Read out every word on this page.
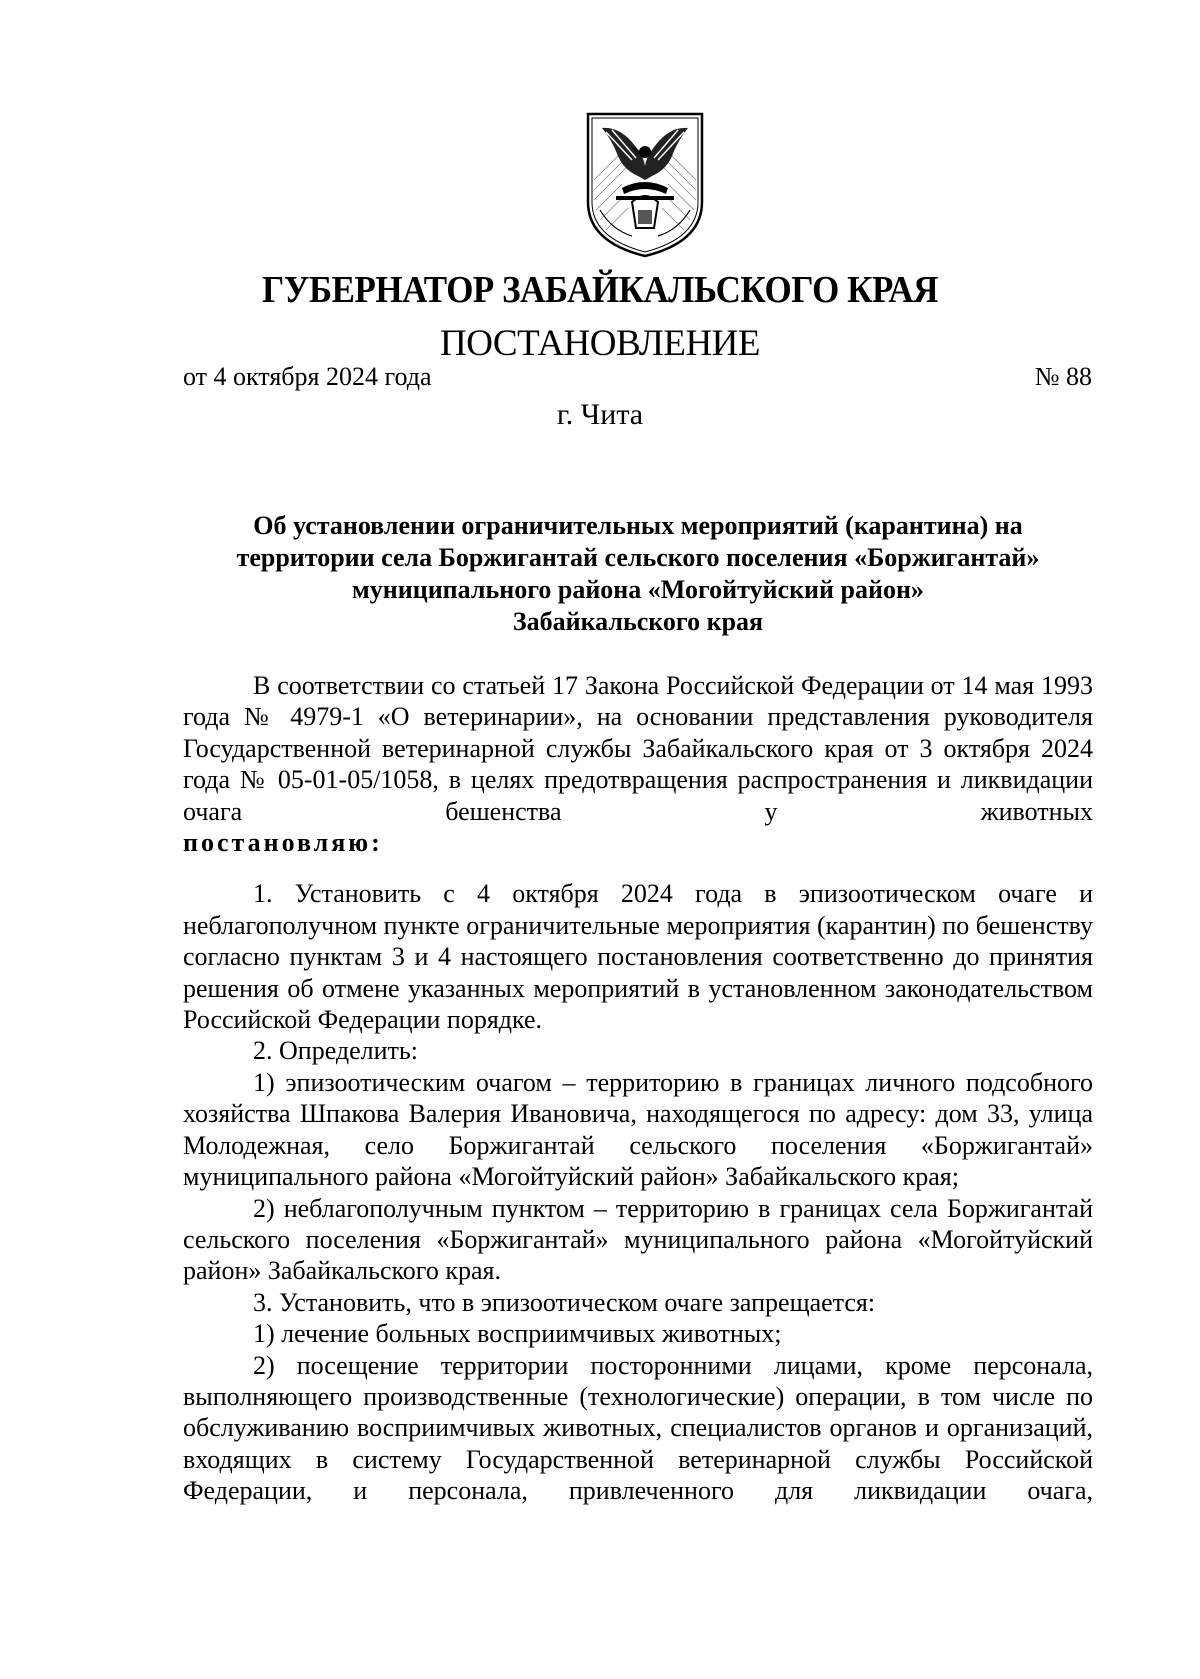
ГУБЕРНАТОР ЗАБАЙКАЛЬСКОГО КРАЯ
ПОСТАНОВЛЕНИЕ
от 4 октября 2024 года	№ 88
г. Чита
Об установлении ограничительных мероприятий (карантина) на
территории села Боржигантай сельского поселения «Боржигантай»
муниципального района «Могойтуйский район»
Забайкальского края

В соответствии со статьей 17 Закона Российской Федерации от 14 мая 1993 года № 4979-1 «О ветеринарии», на основании представления руководителя Государственной ветеринарной службы Забайкальского края от 3 октября 2024 года № 05-01-05/1058, в целях предотвращения распространения и ликвидации очага бешенства у животных

постановляю:

1. Установить с 4 октября 2024 года в эпизоотическом очаге и неблагополучном пункте ограничительные мероприятия (карантин) по бешенству согласно пунктам 3 и 4 настоящего постановления соответственно до принятия решения об отмене указанных мероприятий в установленном законодательством Российской Федерации порядке.

2. Определить:

1) эпизоотическим очагом – территорию в границах личного подсобного хозяйства Шпакова Валерия Ивановича, находящегося по адресу: дом 33, улица Молодежная, село Боржигантай сельского поселения «Боржигантай» муниципального района «Могойтуйский район» Забайкальского края;

2) неблагополучным пунктом – территорию в границах села Боржигантай сельского поселения «Боржигантай» муниципального района «Могойтуйский район» Забайкальского края.

3. Установить, что в эпизоотическом очаге запрещается:

1) лечение больных восприимчивых животных;

2) посещение территории посторонними лицами, кроме персонала, выполняющего производственные (технологические) операции, в том числе по обслуживанию восприимчивых животных, специалистов органов и организаций, входящих в систему Государственной ветеринарной службы Российской Федерации, и персонала, привлеченного для ликвидации очага,
